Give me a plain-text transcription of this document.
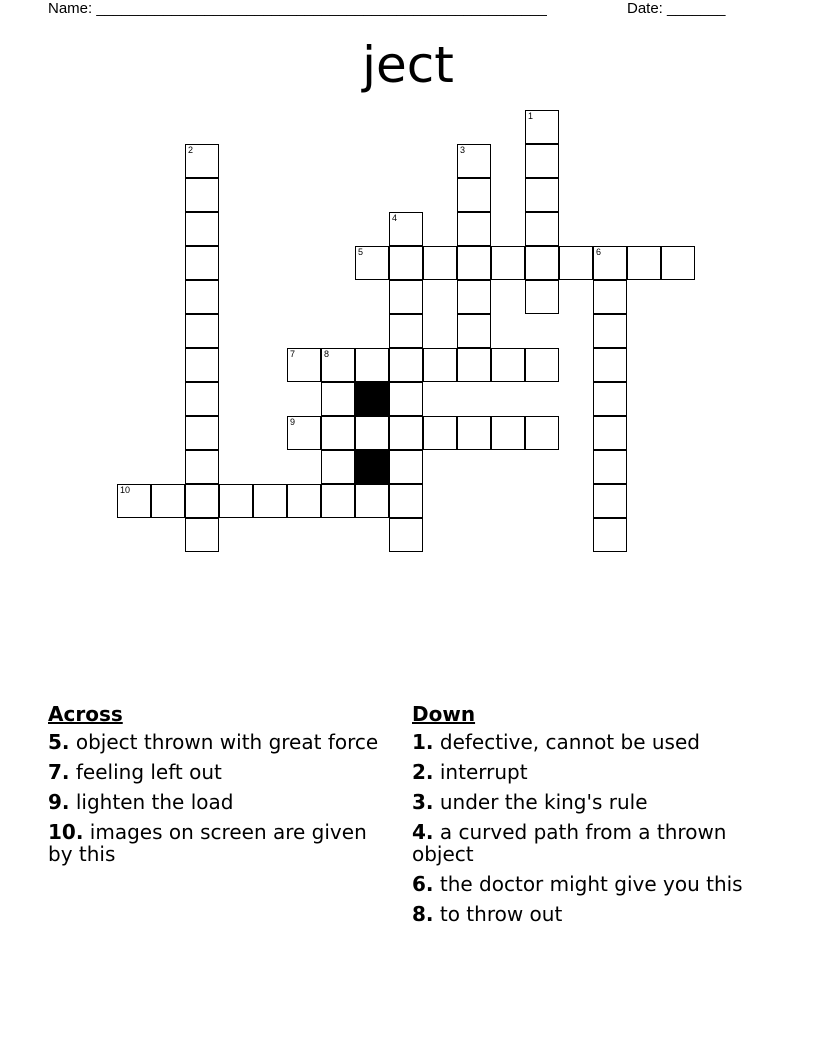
Name: ______________________________________________________	Date: _______
ject
1
2	3
4
5	6
7	8
9
10
Across
5. object thrown with great force
7. feeling left out
9. lighten the load
10. images on screen are given by this
Down
1. defective, cannot be used
2. interrupt
3. under the king's rule
4. a curved path from a thrown object
6. the doctor might give you this
8. to throw out
